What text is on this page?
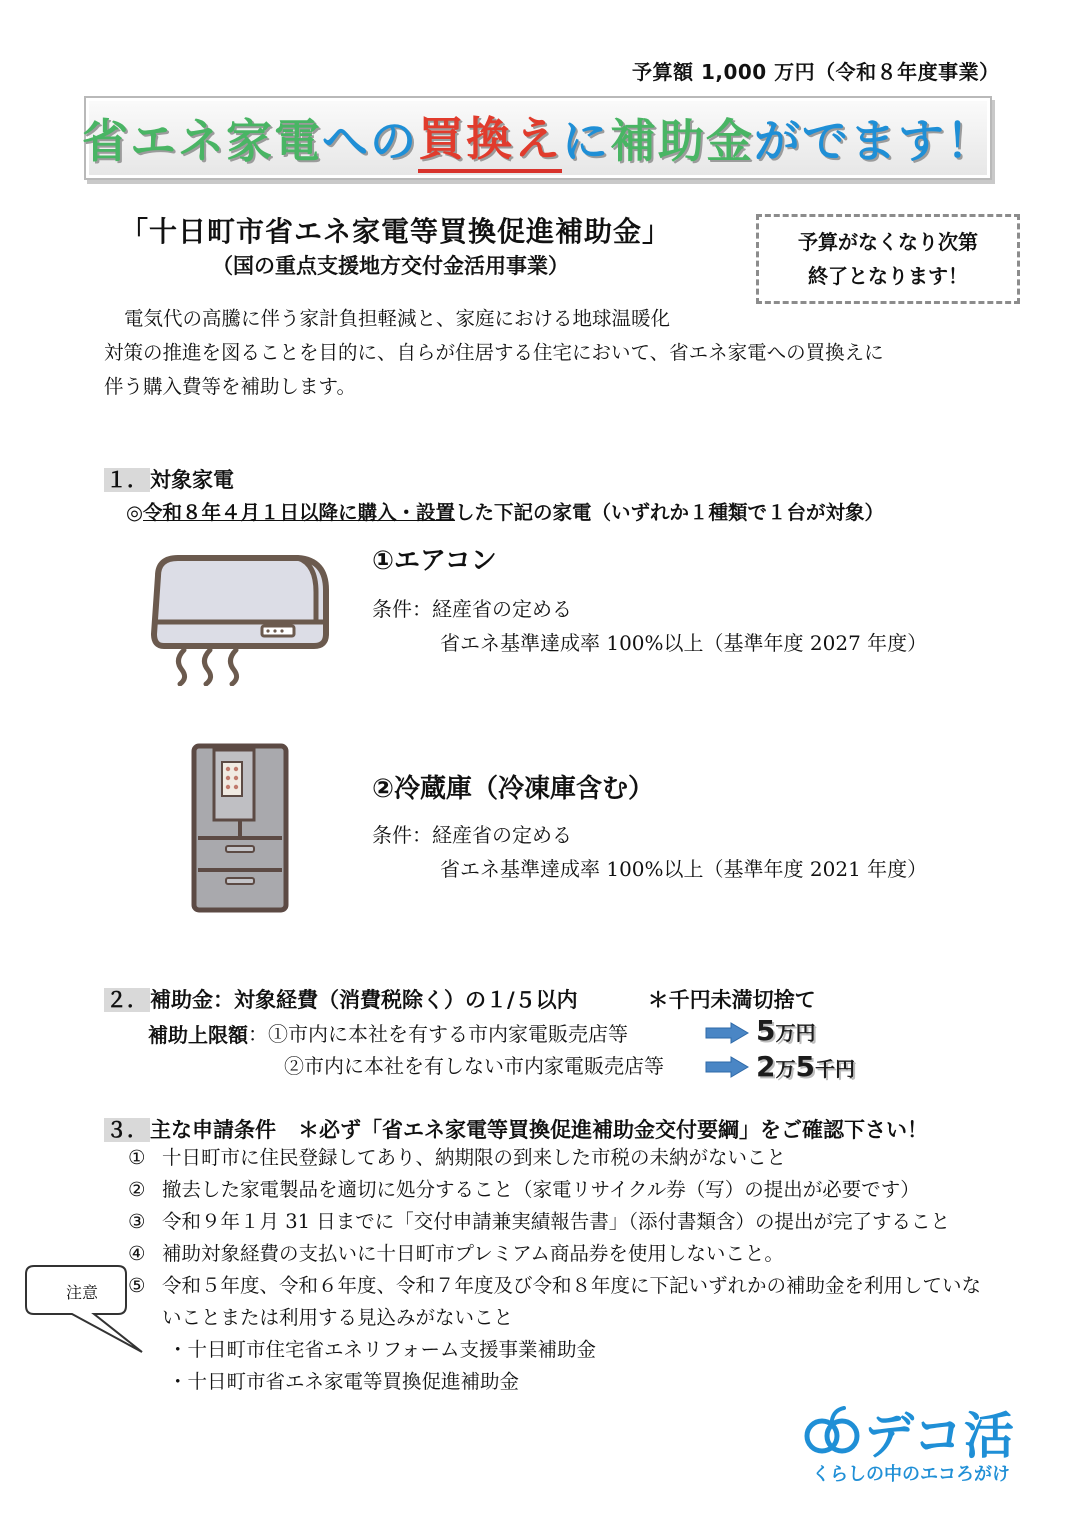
予算額 1,000 万円（令和８年度事業）
省エネ家電 への 買換え に 補助金 がでます！
「十日町市省エネ家電等買換促進補助金」
（国の重点支援地方交付金活用事業）
予算がなくなり次第
終了となります！

電気代の高騰に伴う家計負担軽減と、家庭における地球温暖化

対策の推進を図ることを目的に、自らが住居する住宅において、省エネ家電への買換えに

伴う購入費等を補助します。

１．対象家電
◎令和８年４月１日以降に購入・設置した下記の家電（いずれか１種類で１台が対象）
①エアコン
条件：経産省の定める
省エネ基準達成率 100%以上（基準年度 2027 年度）
②冷蔵庫（冷凍庫含む）
条件：経産省の定める
省エネ基準達成率 100%以上（基準年度 2021 年度）
２．補助金：対象経費（消費税除く）の１/５以内	＊千円未満切捨て
補助上限額 ：①市内に本社を有する市内家電販売店等
②市内に本社を有しない市内家電販売店等
5万円
2万5千円
３．主な申請条件 ＊必ず「省エネ家電等買換促進補助金交付要綱」をご確認下さい！
① 十日町市に住民登録してあり、納期限の到来した市税の未納がないこと
② 撤去した家電製品を適切に処分すること（家電リサイクル券（写）の提出が必要です）
③ 令和９年１月 31 日までに「交付申請兼実績報告書」（添付書類含）の提出が完了すること
④ 補助対象経費の支払いに十日町市プレミアム商品券を使用しないこと。
⑤ 令和５年度、令和６年度、令和７年度及び令和８年度に下記いずれかの補助金を利用していないことまたは利用する見込みがないこと
・十日町市住宅省エネリフォーム支援事業補助金
・十日町市省エネ家電等買換促進補助金
注意
デコ活
くらしの中のエコろがけ
